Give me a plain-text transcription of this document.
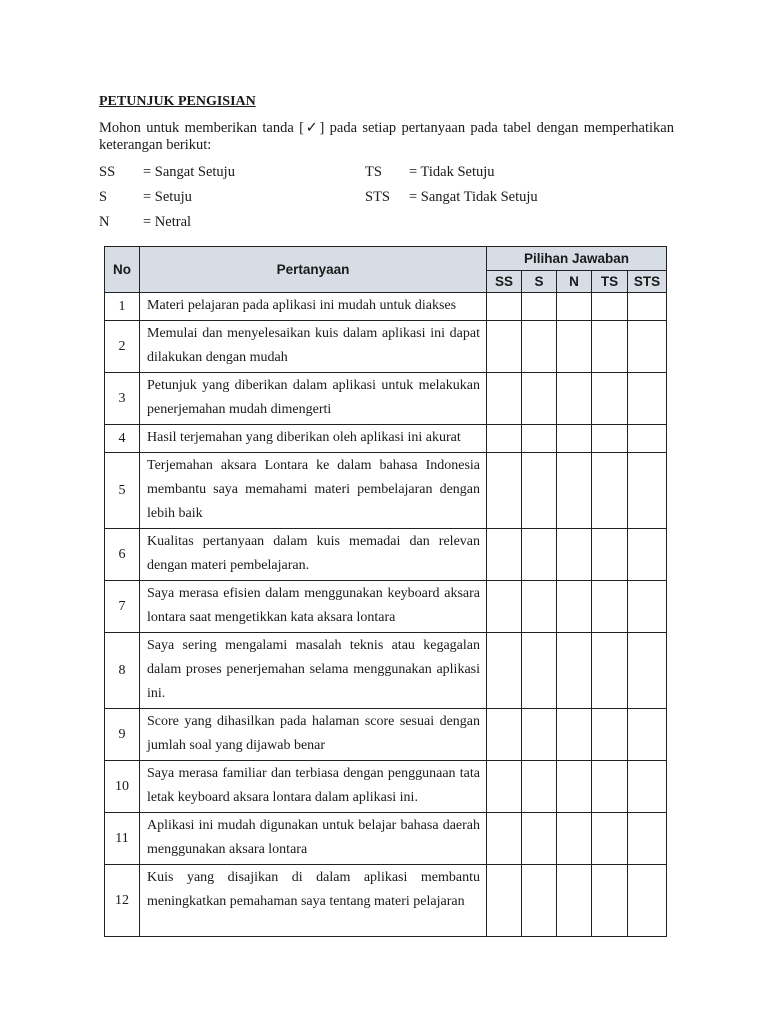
PETUNJUK PENGISIAN

Mohon untuk memberikan tanda [✓] pada setiap pertanyaan pada tabel dengan memperhatikan keterangan berikut:

SS	= Sangat Setuju	TS	= Tidak Setuju
S	= Setuju	STS	= Sangat Tidak Setuju
N	= Netral
No	Pertanyaan	Pilihan Jawaban				
		SS	S	N	TS	STS
1	Materi pelajaran pada aplikasi ini mudah untuk diakses					
2	Memulai dan menyelesaikan kuis dalam aplikasi ini dapat dilakukan dengan mudah					
3	Petunjuk yang diberikan dalam aplikasi untuk melakukan penerjemahan mudah dimengerti					
4	Hasil terjemahan yang diberikan oleh aplikasi ini akurat					
5	Terjemahan aksara Lontara ke dalam bahasa Indonesia membantu saya memahami materi pembelajaran dengan lebih baik					
6	Kualitas pertanyaan dalam kuis memadai dan relevan dengan materi pembelajaran.					
7	Saya merasa efisien dalam menggunakan keyboard aksara lontara saat mengetikkan kata aksara lontara					
8	Saya sering mengalami masalah teknis atau kegagalan dalam proses penerjemahan selama menggunakan aplikasi ini.					
9	Score yang dihasilkan pada halaman score sesuai dengan jumlah soal yang dijawab benar					
10	Saya merasa familiar dan terbiasa dengan penggunaan tata letak keyboard aksara lontara dalam aplikasi ini.					
11	Aplikasi ini mudah digunakan untuk belajar bahasa daerah menggunakan aksara lontara					
12	Kuis yang disajikan di dalam aplikasi membantu meningkatkan pemahaman saya tentang materi pelajaran					
